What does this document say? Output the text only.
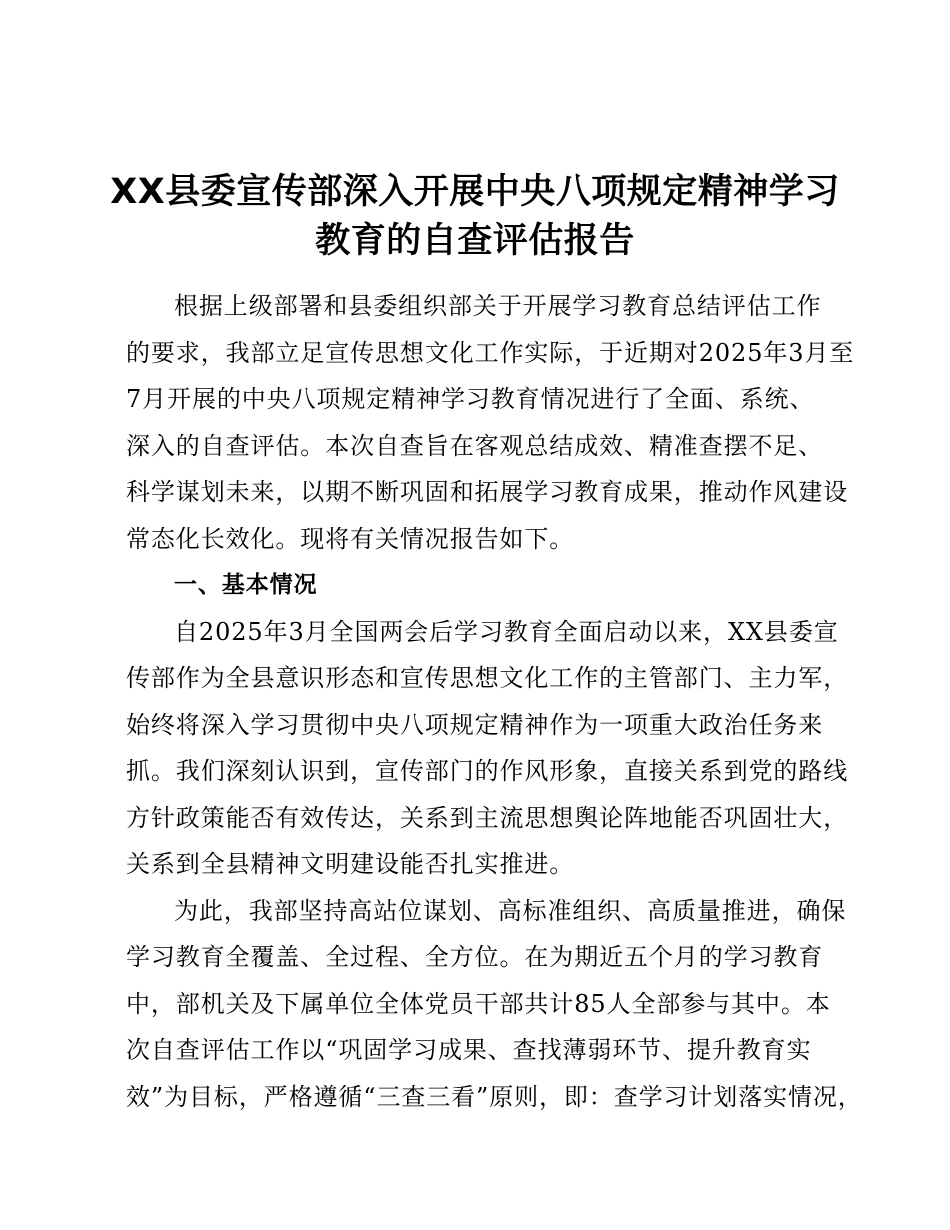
XX县委宣传部深入开展中央八项规定精神学习
教育的自查评估报告
根据上级部署和县委组织部关于开展学习教育总结评估工作
的要求，我部立足宣传思想文化工作实际，于近期对2025年3月至
7月开展的中央八项规定精神学习教育情况进行了全面、系统、
深入的自查评估。本次自查旨在客观总结成效、精准查摆不足、
科学谋划未来，以期不断巩固和拓展学习教育成果，推动作风建设
常态化长效化。现将有关情况报告如下。
一、基本情况
自2025年3月全国两会后学习教育全面启动以来，XX县委宣
传部作为全县意识形态和宣传思想文化工作的主管部门、主力军，
始终将深入学习贯彻中央八项规定精神作为一项重大政治任务来
抓。我们深刻认识到，宣传部门的作风形象，直接关系到党的路线
方针政策能否有效传达，关系到主流思想舆论阵地能否巩固壮大，
关系到全县精神文明建设能否扎实推进。
为此，我部坚持高站位谋划、高标准组织、高质量推进，确保
学习教育全覆盖、全过程、全方位。在为期近五个月的学习教育
中，部机关及下属单位全体党员干部共计85人全部参与其中。本
次自查评估工作以“巩固学习成果、查找薄弱环节、提升教育实
效”为目标，严格遵循“三查三看”原则，即：查学习计划落实情况，
